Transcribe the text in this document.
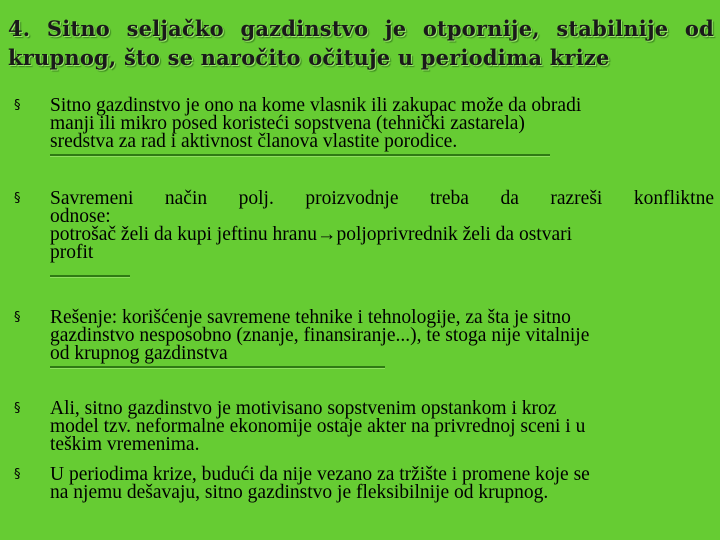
4. Sitno seljačko gazdinstvo je otpornije, stabilnije od
krupnog, što se naročito očituje u periodima krize
§ Sitno gazdinstvo je ono na kome vlasnik ili zakupac može da obradi
manji ili mikro posed koristeći sopstvena (tehnički zastarela)
sredstva za rad i aktivnost članova vlastite porodice.
§ Savremeni način polj. proizvodnje treba da razreši konfliktne
odnose:
potrošač želi da kupi jeftinu hranu→poljoprivrednik želi da ostvari
profit
§ Rešenje: korišćenje savremene tehnike i tehnologije, za šta je sitno
gazdinstvo nesposobno (znanje, finansiranje...), te stoga nije vitalnije
od krupnog gazdinstva
§ Ali, sitno gazdinstvo je motivisano sopstvenim opstankom i kroz
model tzv. neformalne ekonomije ostaje akter na privrednoj sceni i u
teškim vremenima.
§ U periodima krize, budući da nije vezano za tržište i promene koje se
na njemu dešavaju, sitno gazdinstvo je fleksibilnije od krupnog.
